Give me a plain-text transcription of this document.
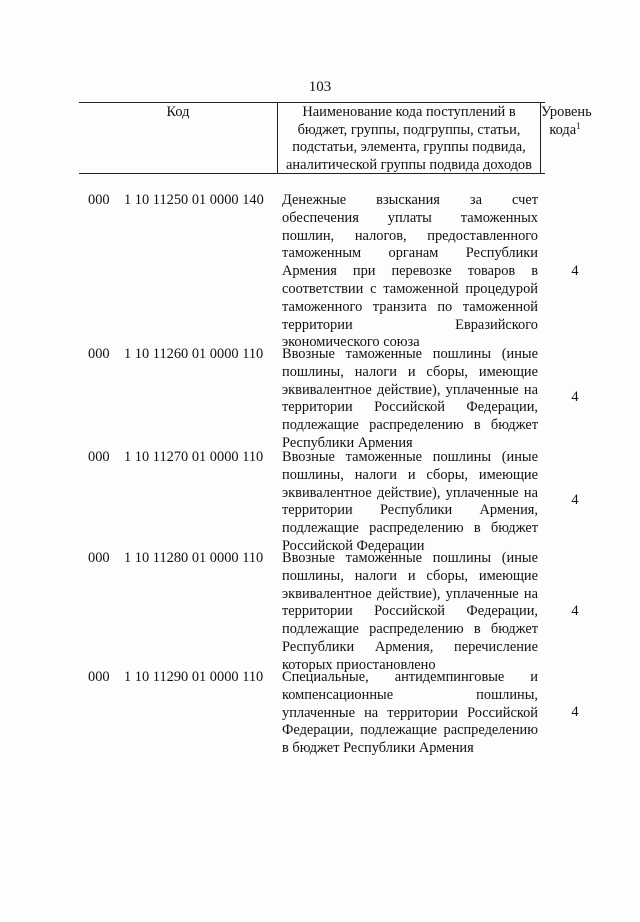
103
Код	Наименование кода поступлений в
бюджет, группы, подгруппы, статьи,
подстатьи, элемента, группы подвида,
аналитической группы подвида доходов
Уровень
кода$^1$
000 1 10 11250 01 0000 140 Денежные взыскания за счет
обеспечения уплаты таможенных
пошлин, налогов, предоставленного
таможенным органам Республики
Армения при перевозке товаров в
соответствии с таможенной процедурой
таможенного транзита по таможенной
территории Евразийского
экономического союза
4
000 1 10 11260 01 0000 110 Ввозные таможенные пошлины (иные
пошлины, налоги и сборы, имеющие
эквивалентное действие), уплаченные на
территории Российской Федерации,
подлежащие распределению в бюджет
Республики Армения
4
000 1 10 11270 01 0000 110 Ввозные таможенные пошлины (иные
пошлины, налоги и сборы, имеющие
эквивалентное действие), уплаченные на
территории Республики Армения,
подлежащие распределению в бюджет
Российской Федерации
4
000 1 10 11280 01 0000 110 Ввозные таможенные пошлины (иные
пошлины, налоги и сборы, имеющие
эквивалентное действие), уплаченные на
территории Российской Федерации,
подлежащие распределению в бюджет
Республики Армения, перечисление
которых приостановлено
4
000 1 10 11290 01 0000 110 Специальные, антидемпинговые и
компенсационные пошлины,
уплаченные на территории Российской
Федерации, подлежащие распределению
в бюджет Республики Армения
4
